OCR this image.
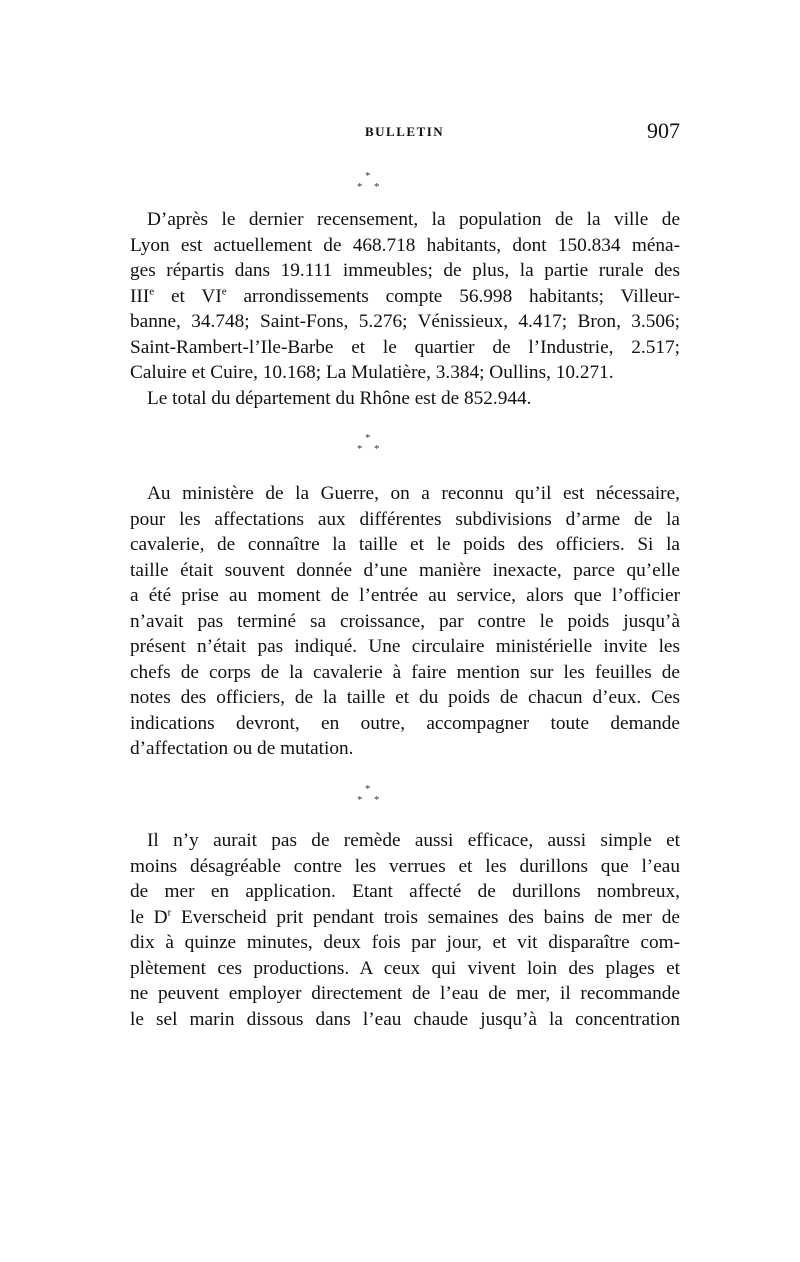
BULLETIN	907
*
* *

D’après le dernier recensement, la population de la ville de
Lyon est actuellement de 468.718 habitants, dont 150.834 ména-
ges répartis dans 19.111 immeubles; de plus, la partie rurale des
IIIe et VIe arrondissements compte 56.998 habitants; Villeur-
banne, 34.748; Saint-Fons, 5.276; Vénissieux, 4.417; Bron, 3.506;
Saint-Rambert-l’Ile-Barbe et le quartier de l’Industrie, 2.517;
Caluire et Cuire, 10.168; La Mulatière, 3.384; Oullins, 10.271.
Le total du département du Rhône est de 852.944.

*
* *

Au ministère de la Guerre, on a reconnu qu’il est nécessaire,
pour les affectations aux différentes subdivisions d’arme de la
cavalerie, de connaître la taille et le poids des officiers. Si la
taille était souvent donnée d’une manière inexacte, parce qu’elle
a été prise au moment de l’entrée au service, alors que l’officier
n’avait pas terminé sa croissance, par contre le poids jusqu’à
présent n’était pas indiqué. Une circulaire ministérielle invite les
chefs de corps de la cavalerie à faire mention sur les feuilles de
notes des officiers, de la taille et du poids de chacun d’eux. Ces
indications devront, en outre, accompagner toute demande
d’affectation ou de mutation.

*
* *

Il n’y aurait pas de remède aussi efficace, aussi simple et
moins désagréable contre les verrues et les durillons que l’eau
de mer en application. Etant affecté de durillons nombreux,
le $D^r$ Everscheid prit pendant trois semaines des bains de mer de
dix à quinze minutes, deux fois par jour, et vit disparaître com-
plètement ces productions. A ceux qui vivent loin des plages et
ne peuvent employer directement de l’eau de mer, il recommande
le sel marin dissous dans l’eau chaude jusqu’à la concentration
